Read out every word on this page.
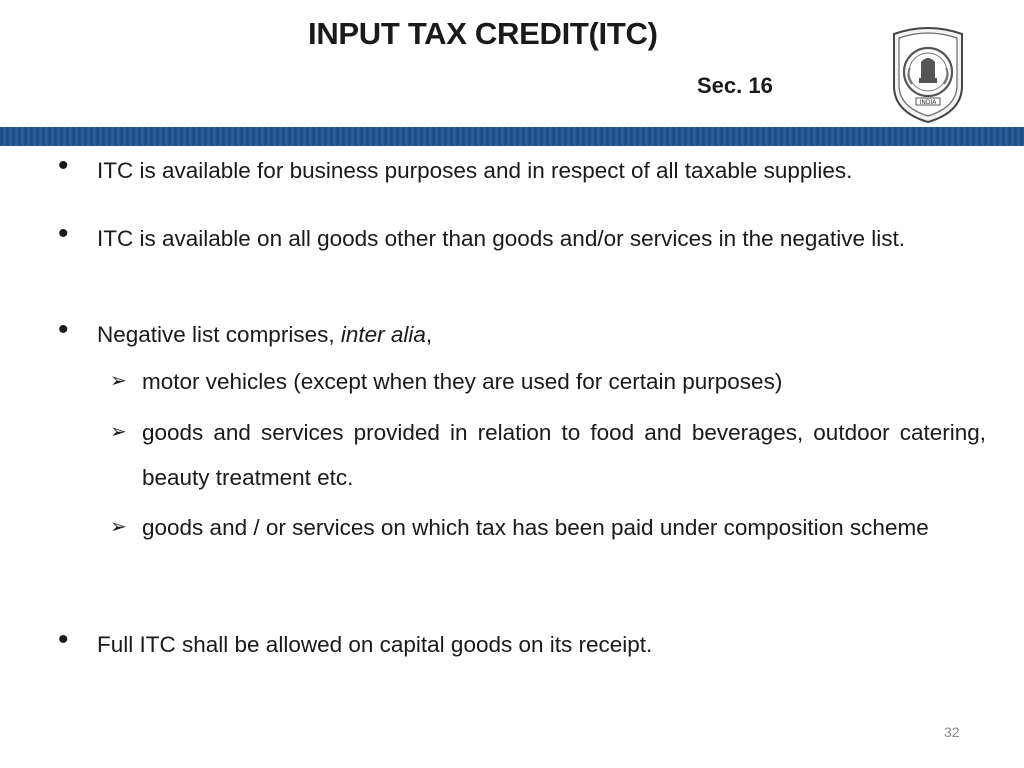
INPUT TAX CREDIT(ITC)
Sec. 16
INDIA
• ITC is available for business purposes and in respect of all taxable supplies.
• ITC is available on all goods other than goods and/or services in the negative list.
• Negative list comprises, inter alia,
➢ motor vehicles (except when they are used for certain purposes)
➢ goods and services provided in relation to food and beverages, outdoor catering, beauty treatment etc.
➢ goods and / or services on which tax has been paid under composition scheme
• Full ITC shall be allowed on capital goods on its receipt.
32
